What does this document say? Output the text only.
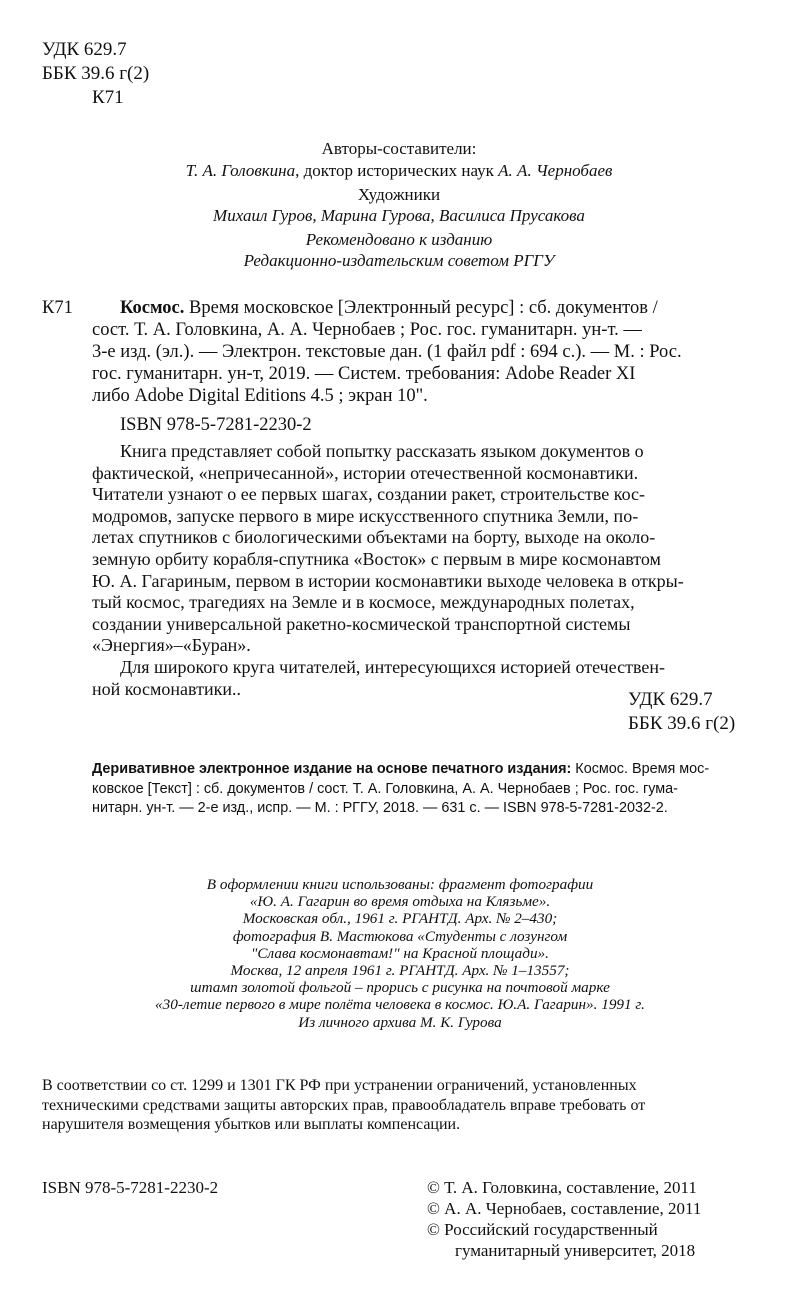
УДК 629.7
ББК 39.6 г(2)
К71
Авторы-составители:
Т. А. Головкина, доктор исторических наук А. А. Чернобаев
Художники
Михаил Гуров, Марина Гурова, Василиса Прусакова
Рекомендовано к изданию
Редакционно-издательским советом РГГУ
К71	Космос. Время московское [Электронный ресурс] : сб. документов /
сост. Т. А. Головкина, А. А. Чернобаев ; Рос. гос. гуманитарн. ун-т. —
3-е изд. (эл.). — Электрон. текстовые дан. (1 файл pdf : 694 с.). — М. : Рос.
гос. гуманитарн. ун-т, 2019. — Систем. требования: Adobe Reader XI
либо Adobe Digital Editions 4.5 ; экран 10".
ISBN 978-5-7281-2230-2
Книга представляет собой попытку рассказать языком документов о
фактической, «непричесанной», истории отечественной космонавтики.
Читатели узнают о ее первых шагах, создании ракет, строительстве кос-
модромов, запуске первого в мире искусственного спутника Земли, по-
летах спутников с биологическими объектами на борту, выходе на около-
земную орбиту корабля-спутника «Восток» с первым в мире космонавтом
Ю. А. Гагариным, первом в истории космонавтики выходе человека в откры-
тый космос, трагедиях на Земле и в космосе, международных полетах,
создании универсальной ракетно-космической транспортной системы
«Энергия»–«Буран».
Для широкого круга читателей, интересующихся историей отечествен-
ной космонавтики..
УДК 629.7
ББК 39.6 г(2)
Деривативное электронное издание на основе печатного издания: Космос. Время мос-
ковское [Текст] : сб. документов / сост. Т. А. Головкина, А. А. Чернобаев ; Рос. гос. гума-
нитарн. ун-т. — 2-е изд., испр. — М. : РГГУ, 2018. — 631 с. — ISBN 978-5-7281-2032-2.
В оформлении книги использованы: фрагмент фотографии
«Ю. А. Гагарин во время отдыха на Клязьме».
Московская обл., 1961 г. РГАНТД. Арх. № 2–430;
фотография В. Мастюкова «Студенты с лозунгом
"Слава космонавтам!" на Красной площади».
Москва, 12 апреля 1961 г. РГАНТД. Арх. № 1–13557;
штамп золотой фольгой – прорись с рисунка на почтовой марке
«30-летие первого в мире полёта человека в космос. Ю.А. Гагарин». 1991 г.
Из личного архива М. К. Гурова
В соответствии со ст. 1299 и 1301 ГК РФ при устранении ограничений, установленных
техническими средствами защиты авторских прав, правообладатель вправе требовать от
нарушителя возмещения убытков или выплаты компенсации.
ISBN 978-5-7281-2230-2	© Т. А. Головкина, составление, 2011
© А. А. Чернобаев, составление, 2011
© Российский государственный
гуманитарный университет, 2018
